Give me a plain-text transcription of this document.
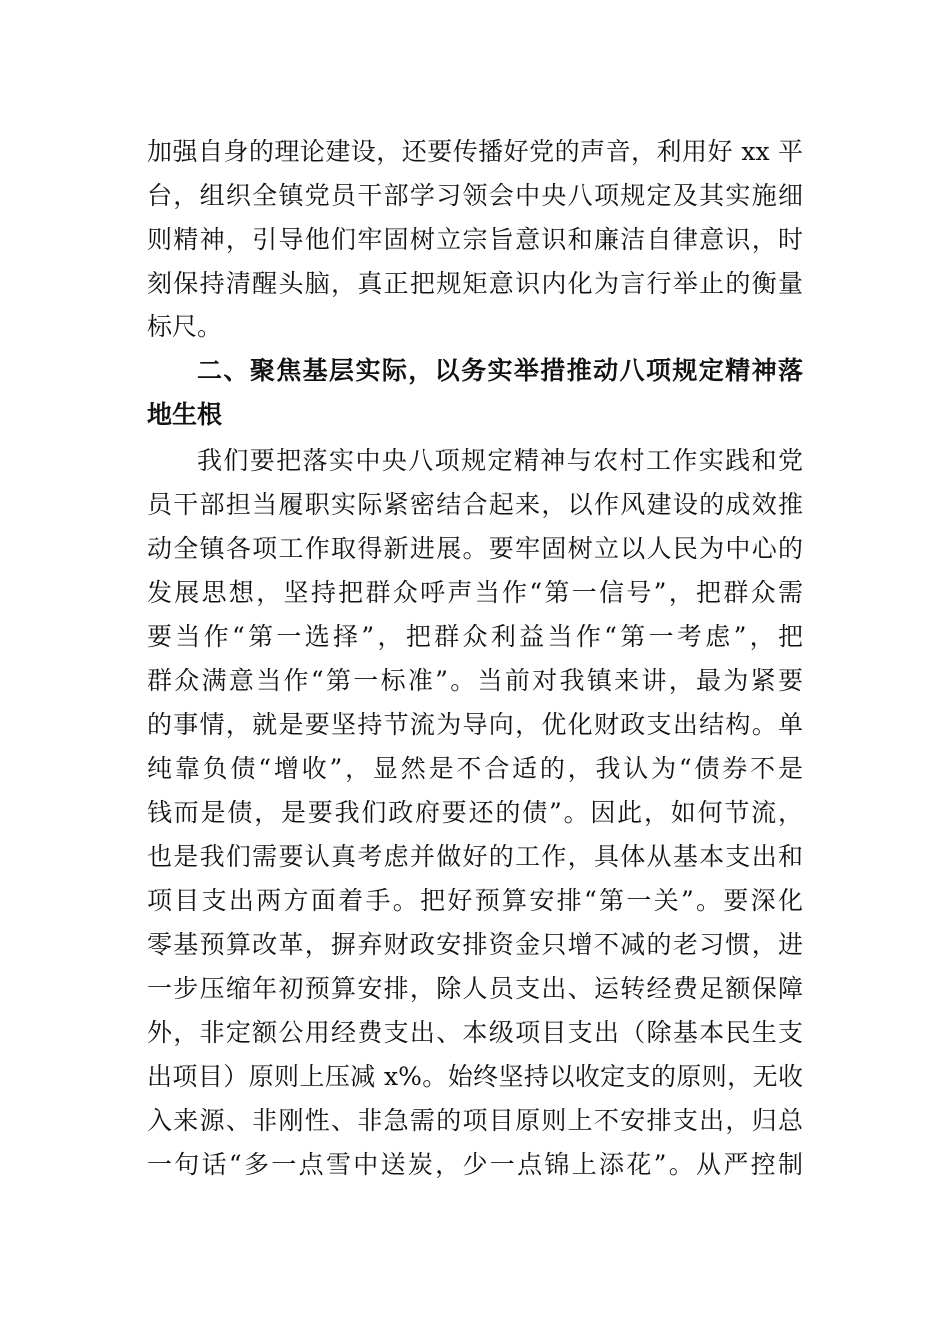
加强自身的理论建设，还要传播好党的声音，利用好 xx 平
台，组织全镇党员干部学习领会中央八项规定及其实施细
则精神，引导他们牢固树立宗旨意识和廉洁自律意识，时
刻保持清醒头脑，真正把规矩意识内化为言行举止的衡量
标尺。
二、聚焦基层实际，以务实举措推动八项规定精神落
地生根
我们要把落实中央八项规定精神与农村工作实践和党
员干部担当履职实际紧密结合起来，以作风建设的成效推
动全镇各项工作取得新进展。要牢固树立以人民为中心的
发展思想，坚持把群众呼声当作“第一信号”，把群众需
要当作“第一选择”，把群众利益当作“第一考虑”，把
群众满意当作“第一标准”。当前对我镇来讲，最为紧要
的事情，就是要坚持节流为导向，优化财政支出结构。单
纯靠负债“增收”，显然是不合适的，我认为“债券不是
钱而是债，是要我们政府要还的债”。因此，如何节流，
也是我们需要认真考虑并做好的工作，具体从基本支出和
项目支出两方面着手。把好预算安排“第一关”。要深化
零基预算改革，摒弃财政安排资金只增不减的老习惯，进
一步压缩年初预算安排，除人员支出、运转经费足额保障
外，非定额公用经费支出、本级项目支出（除基本民生支
出项目）原则上压减 x%。始终坚持以收定支的原则，无收
入来源、非刚性、非急需的项目原则上不安排支出，归总
一句话“多一点雪中送炭，少一点锦上添花”。从严控制
